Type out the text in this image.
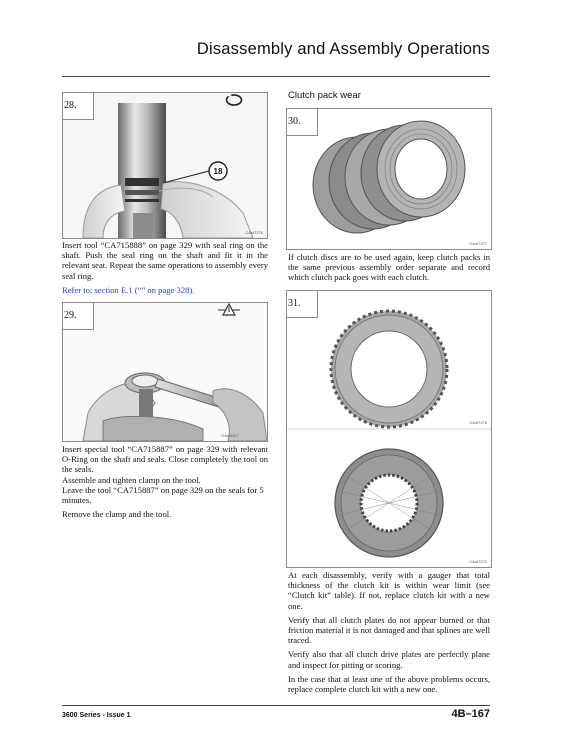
Disassembly and Assembly Operations
18
28.
CAst7276

Insert tool “CA715888” on page 329 with seal ring on the shaft. Push the seal ring on the shaft and fit it in the relevant seat. Repeat the same operations to assembly every seal ring.

Refer to: section E.1 (“” on page 328).

29.
CAst5317

Insert special tool “CA715887” on page 329 with relevant O-Ring on the shaft and seals. Close completely the tool on the seals.

Assemble and tighten clamp on the tool.

Leave the tool “CA715887” on page 329 on the seals for 5 minutes.

Remove the clamp and the tool.

Clutch pack wear
30.
CAst7277

If clutch discs are to be used again, keep clutch packs in the same previous assembly order separate and record which clutch pack goes with each clutch.

31.
CAst7278
CAst7279

At each disassembly, verify with a gauger that total thickness of the clutch kit is within wear limit (see “Clutch kit” table). If not, replace clutch kit with a new one.

Verify that all clutch plates do not appear burned or that friction material it is not damaged and that splines are well traced.

Verify also that all clutch drive plates are perfectly plane and inspect for pitting or scoring.

In the case that at least one of the above problems occurs, replace complete clutch kit with a new one.

3600 Series - Issue 1	4B–167
